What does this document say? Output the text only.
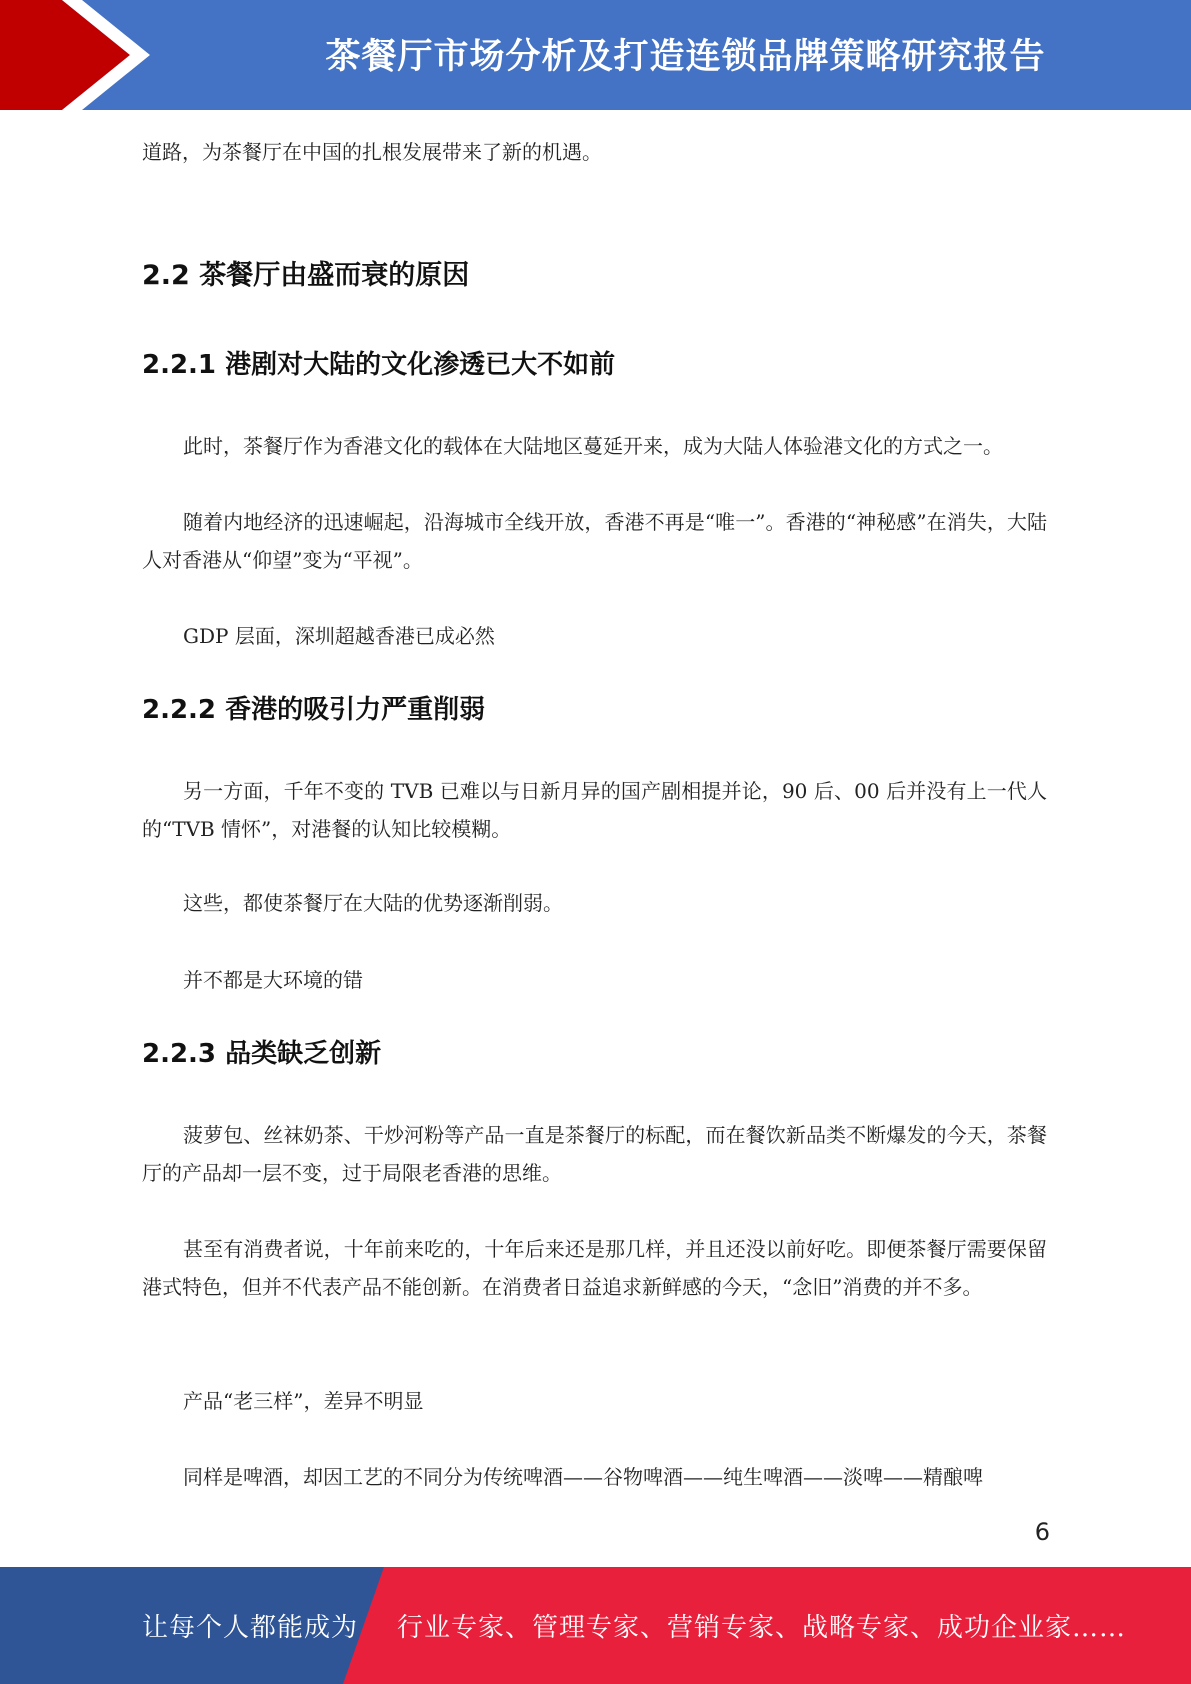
茶餐厅市场分析及打造连锁品牌策略研究报告

道路，为茶餐厅在中国的扎根发展带来了新的机遇。

2.2 茶餐厅由盛而衰的原因
2.2.1 港剧对大陆的文化渗透已大不如前

此时，茶餐厅作为香港文化的载体在大陆地区蔓延开来，成为大陆人体验港文化的方式之一。

随着内地经济的迅速崛起，沿海城市全线开放，香港不再是“唯一”。香港的“神秘感”在消失，大陆人对香港从“仰望”变为“平视”。

GDP 层面，深圳超越香港已成必然

2.2.2 香港的吸引力严重削弱

另一方面，千年不变的 TVB 已难以与日新月异的国产剧相提并论，90 后、00 后并没有上一代人的“TVB 情怀”，对港餐的认知比较模糊。

这些，都使茶餐厅在大陆的优势逐渐削弱。

并不都是大环境的错

2.2.3 品类缺乏创新

菠萝包、丝袜奶茶、干炒河粉等产品一直是茶餐厅的标配，而在餐饮新品类不断爆发的今天，茶餐厅的产品却一层不变，过于局限老香港的思维。

甚至有消费者说，十年前来吃的，十年后来还是那几样，并且还没以前好吃。即便茶餐厅需要保留港式特色，但并不代表产品不能创新。在消费者日益追求新鲜感的今天，“念旧”消费的并不多。

产品“老三样”，差异不明显

同样是啤酒，却因工艺的不同分为传统啤酒——谷物啤酒——纯生啤酒——淡啤——精酿啤

6
让每个人都能成为 行业专家、管理专家、营销专家、战略专家、成功企业家……
